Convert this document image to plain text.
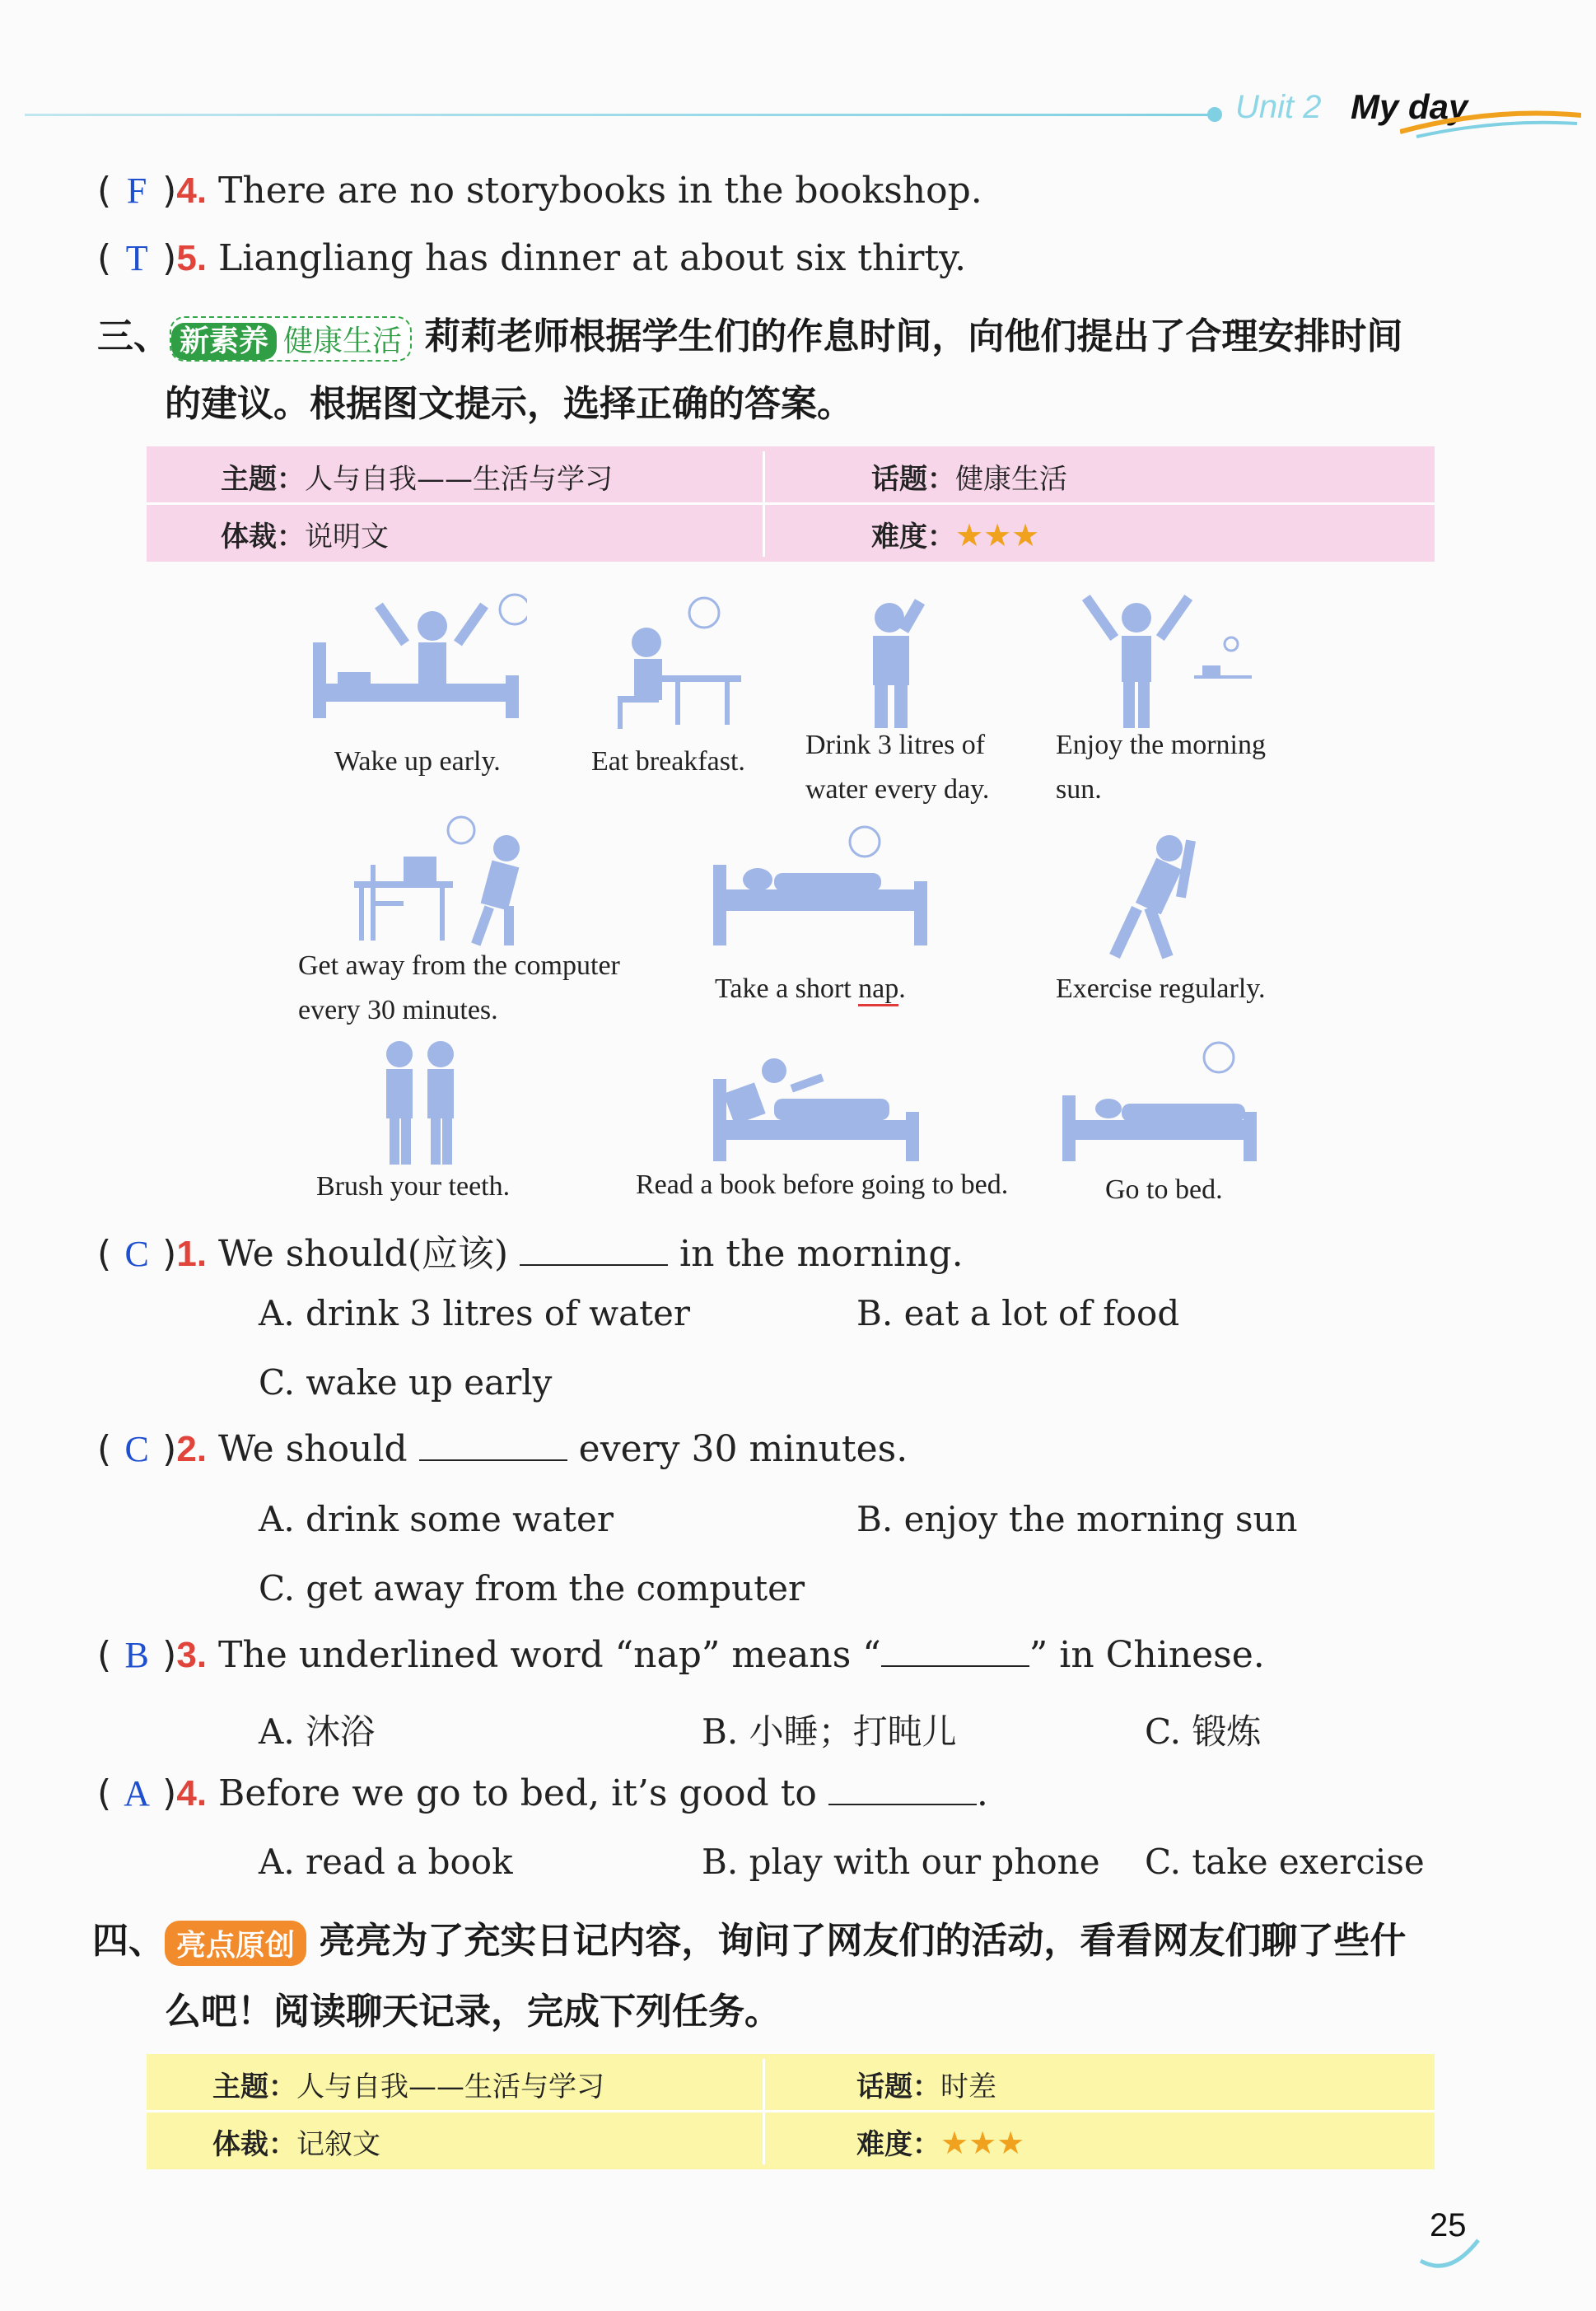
Unit 2 My day
( F )4. There are no storybooks in the bookshop.
( T )5. Liangliang has dinner at about six thirty.
三、 新素养 健康生活 莉莉老师根据学生们的作息时间，向他们提出了合理安排时间
的建议。根据图文提示，选择正确的答案。
主题：人与自我——生活与学习	话题：健康生活
体裁：说明文	难度：★★★
Wake up early.	Eat breakfast.
Drink 3 litres of
water every day.
Enjoy the morning
sun.
Get away from the computer
every 30 minutes.
Take a short nap.	Exercise regularly.
Brush your teeth.	Read a book before going to bed.	Go to bed.
( C )1. We should(应该)	in the morning.
A. drink 3 litres of water	B. eat a lot of food
C. wake up early
( C )2. We should	every 30 minutes.
A. drink some water	B. enjoy the morning sun
C. get away from the computer
( B )3. The underlined word “nap” means “	” in Chinese.
A. 沐浴	B. 小睡；打盹儿	C. 锻炼
( A )4. Before we go to bed, it’s good to	.
A. read a book	B. play with our phone C. take exercise
四、 亮点原创 亮亮为了充实日记内容，询问了网友们的活动，看看网友们聊了些什
么吧！阅读聊天记录，完成下列任务。
主题：人与自我——生活与学习	话题：时差
体裁：记叙文	难度：★★★
25
